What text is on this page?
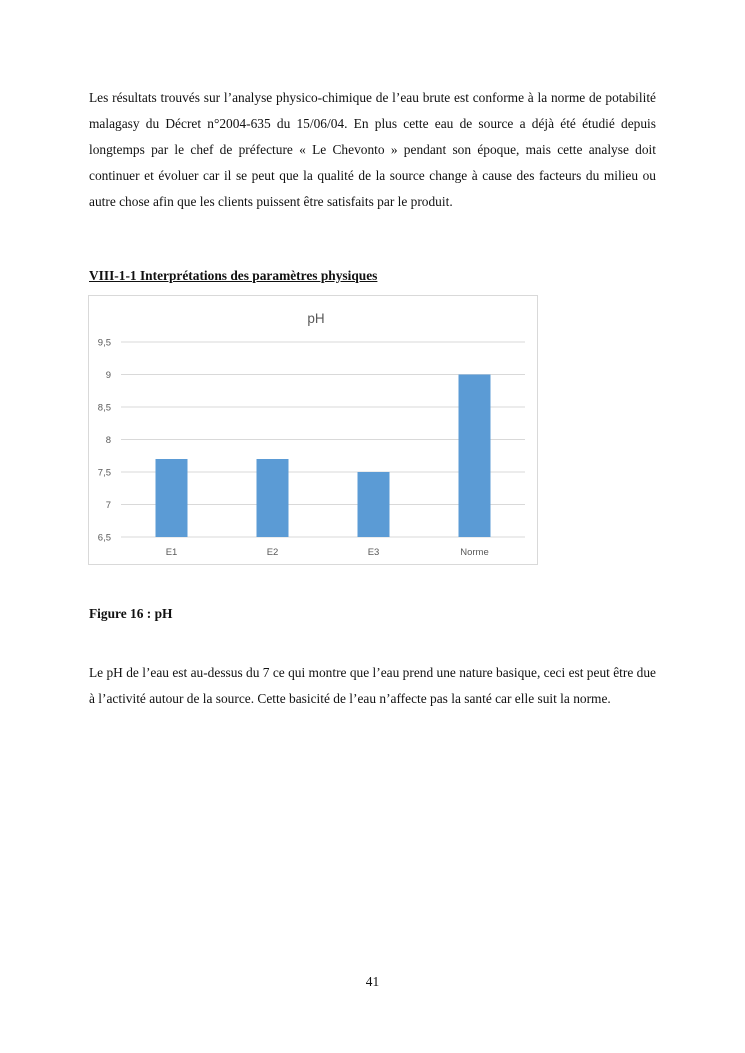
Les résultats trouvés sur l’analyse physico-chimique de l’eau brute est conforme à la norme de potabilité malagasy du Décret n°2004-635 du 15/06/04. En plus cette eau de source a déjà été étudié depuis longtemps par le chef de préfecture « Le Chevonto » pendant son époque, mais cette analyse doit continuer et évoluer car il se peut que la qualité de la source change à cause des facteurs du milieu ou autre chose afin que les clients puissent être satisfaits par le produit.

VIII-1-1 Interprétations des paramètres physiques

pH
6,5
7
7,5
8
8,5
9
9,5
E1	E2	E3	Norme

Figure 16 : pH

Le pH de l’eau est au-dessus du 7 ce qui montre que l’eau prend une nature basique, ceci est peut être due à l’activité autour de la source. Cette basicité de l’eau n’affecte pas la santé car elle suit la norme.

41
